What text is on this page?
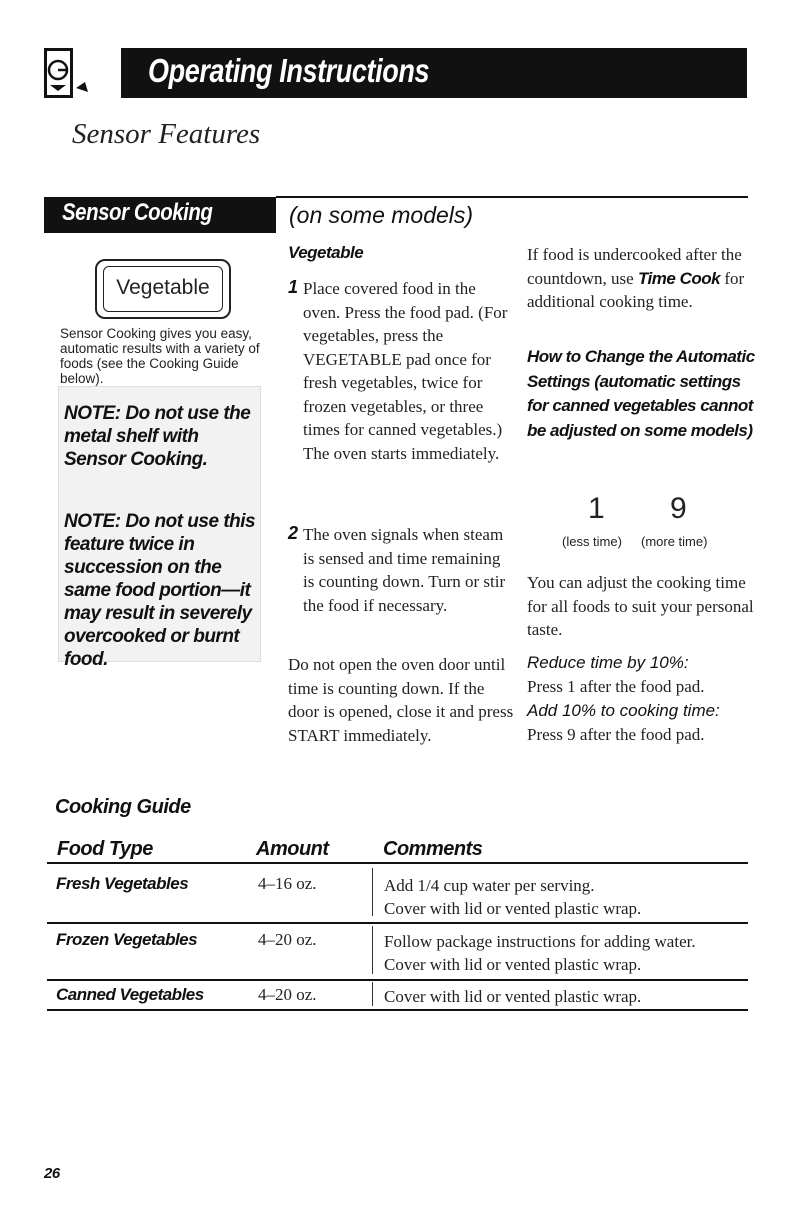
Operating Instructions
Sensor Features
Sensor Cooking	(on some models)
Vegetable
Sensor Cooking gives you easy, automatic results with a variety of foods (see the Cooking Guide below).
NOTE: Do not use the metal shelf with Sensor Cooking.
NOTE: Do not use this feature twice in succession on the same food portion—it may result in severely overcooked or burnt food.
Vegetable
1 Place covered food in the oven. Press the food pad. (For vegetables, press the VEGETABLE pad once for fresh vegetables, twice for frozen vegetables, or three times for canned vegetables.) The oven starts immediately.
2 The oven signals when steam is sensed and time remaining is counting down. Turn or stir the food if necessary.
Do not open the oven door until time is counting down. If the door is opened, close it and press START immediately.
If food is undercooked after the countdown, use Time Cook for additional cooking time.
How to Change the Automatic Settings (automatic settings for canned vegetables cannot be adjusted on some models)
1 9
(less time) (more time)
You can adjust the cooking time for all foods to suit your personal taste.
Reduce time by 10%:
Press 1 after the food pad.
Add 10% to cooking time:
Press 9 after the food pad.
Cooking Guide
Food Type	Amount	Comments
Fresh Vegetables	4–16 oz.	Add 1/4 cup water per serving.
Cover with lid or vented plastic wrap.
Frozen Vegetables	4–20 oz.	Follow package instructions for adding water.
Cover with lid or vented plastic wrap.
Canned Vegetables	4–20 oz.	Cover with lid or vented plastic wrap.
26
